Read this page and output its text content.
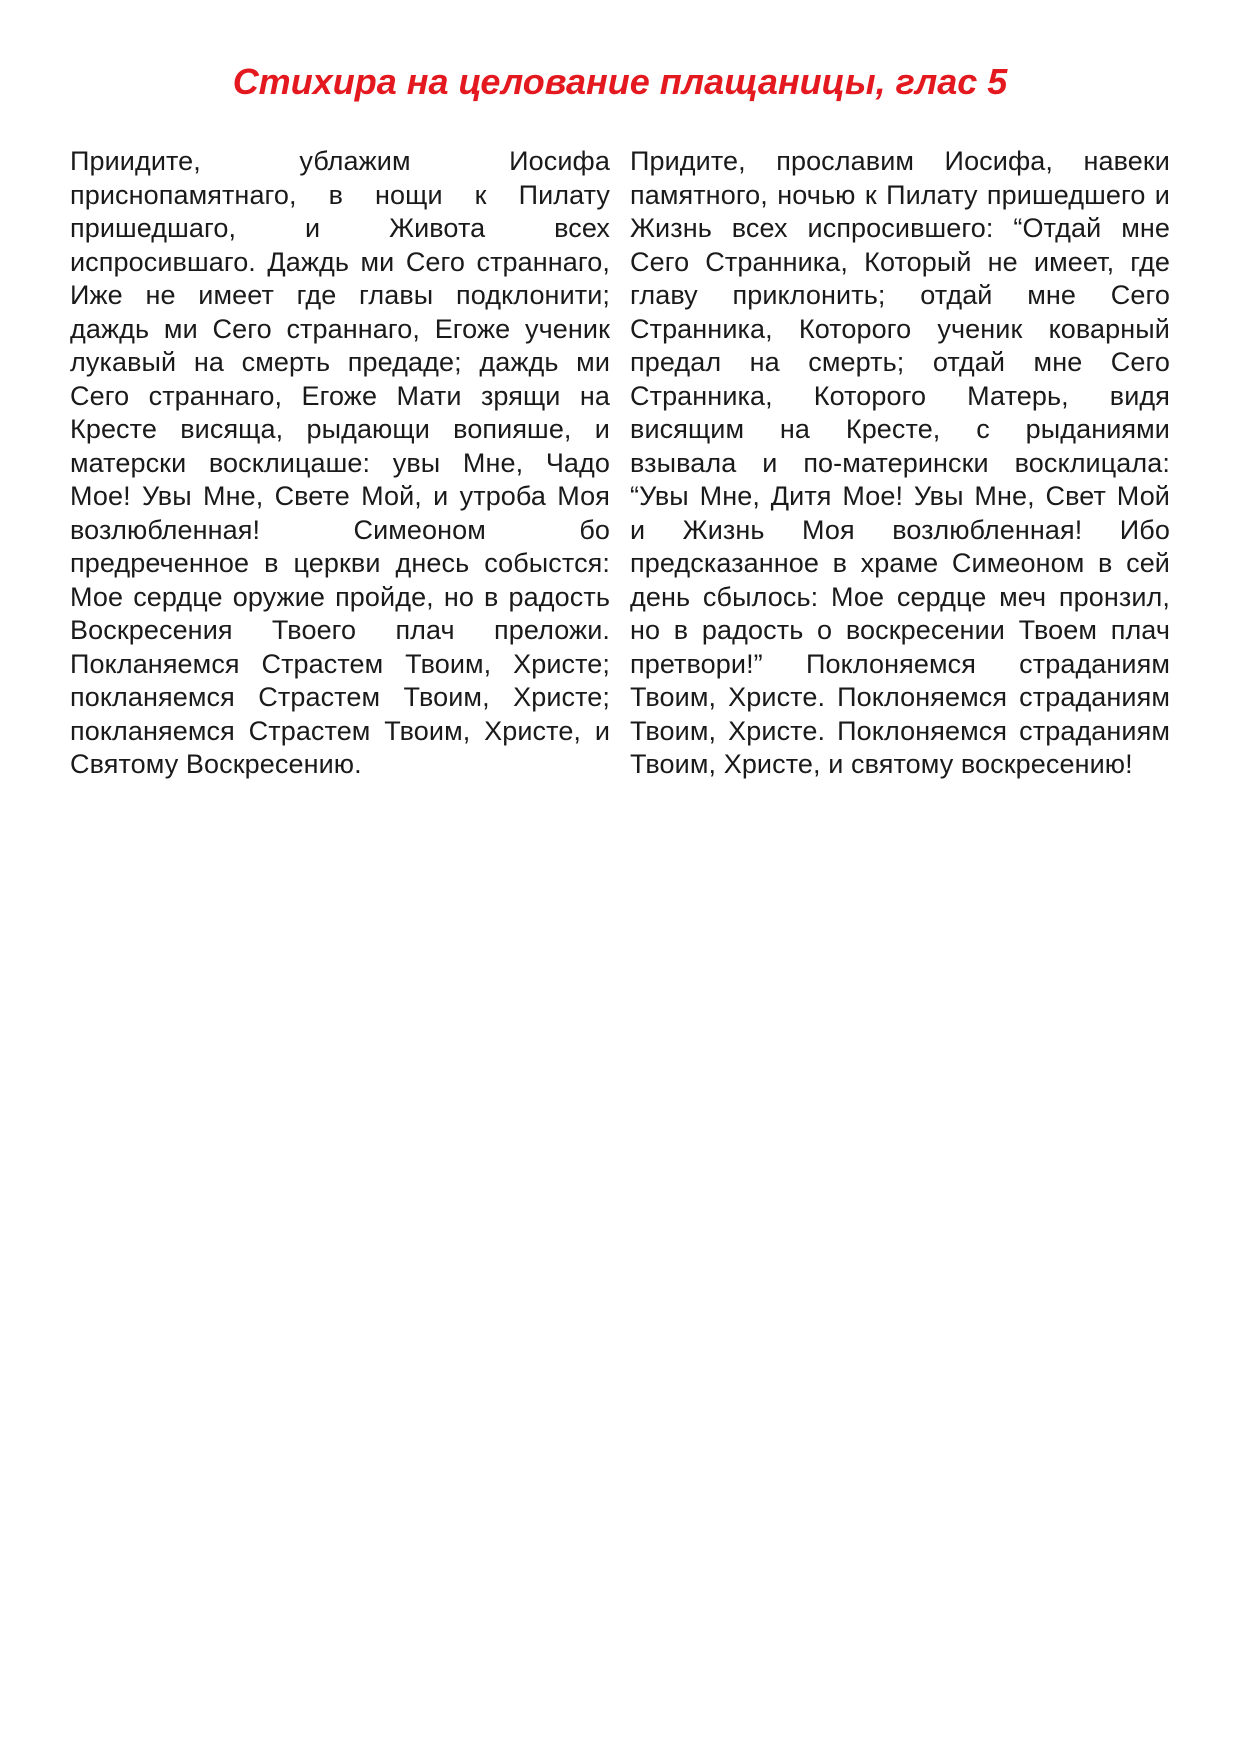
Стихира на целование плащаницы, глас 5

Приидите, ублажим Иосифа приснопамятнаго, в нощи к Пилату пришедшаго, и Живота всех испросившаго. Даждь ми Сего страннаго, Иже не имеет где главы подклонити; даждь ми Сего страннаго, Егоже ученик лукавый на смерть предаде; даждь ми Сего страннаго, Егоже Мати зрящи на Кресте висяща, рыдающи вопияше, и матерски восклицаше: увы Мне, Чадо Мое! Увы Мне, Свете Мой, и утроба Моя возлюбленная! Симеоном бо предреченное в церкви днесь собыстся: Мое сердце оружие пройде, но в радость Воскресения Твоего плач преложи. Покланяемся Страстем Твоим, Христе; покланяемся Страстем Твоим, Христе; покланяемся Страстем Твоим, Христе, и Святому Воскресению.

Придите, прославим Иосифа, навеки памятного, ночью к Пилату пришедшего и Жизнь всех испросившего: “Отдай мне Сего Странника, Который не имеет, где главу приклонить; отдай мне Сего Странника, Которого ученик коварный предал на смерть; отдай мне Сего Странника, Которого Матерь, видя висящим на Кресте, с рыданиями взывала и по-матерински восклицала: “Увы Мне, Дитя Мое! Увы Мне, Свет Мой и Жизнь Моя возлюбленная! Ибо предсказанное в храме Симеоном в сей день сбылось: Мое сердце меч пронзил, но в радость о воскресении Твоем плач претвори!” Поклоняемся страданиям Твоим, Христе. Поклоняемся страданиям Твоим, Христе. Поклоняемся страданиям Твоим, Христе, и святому воскресению!
